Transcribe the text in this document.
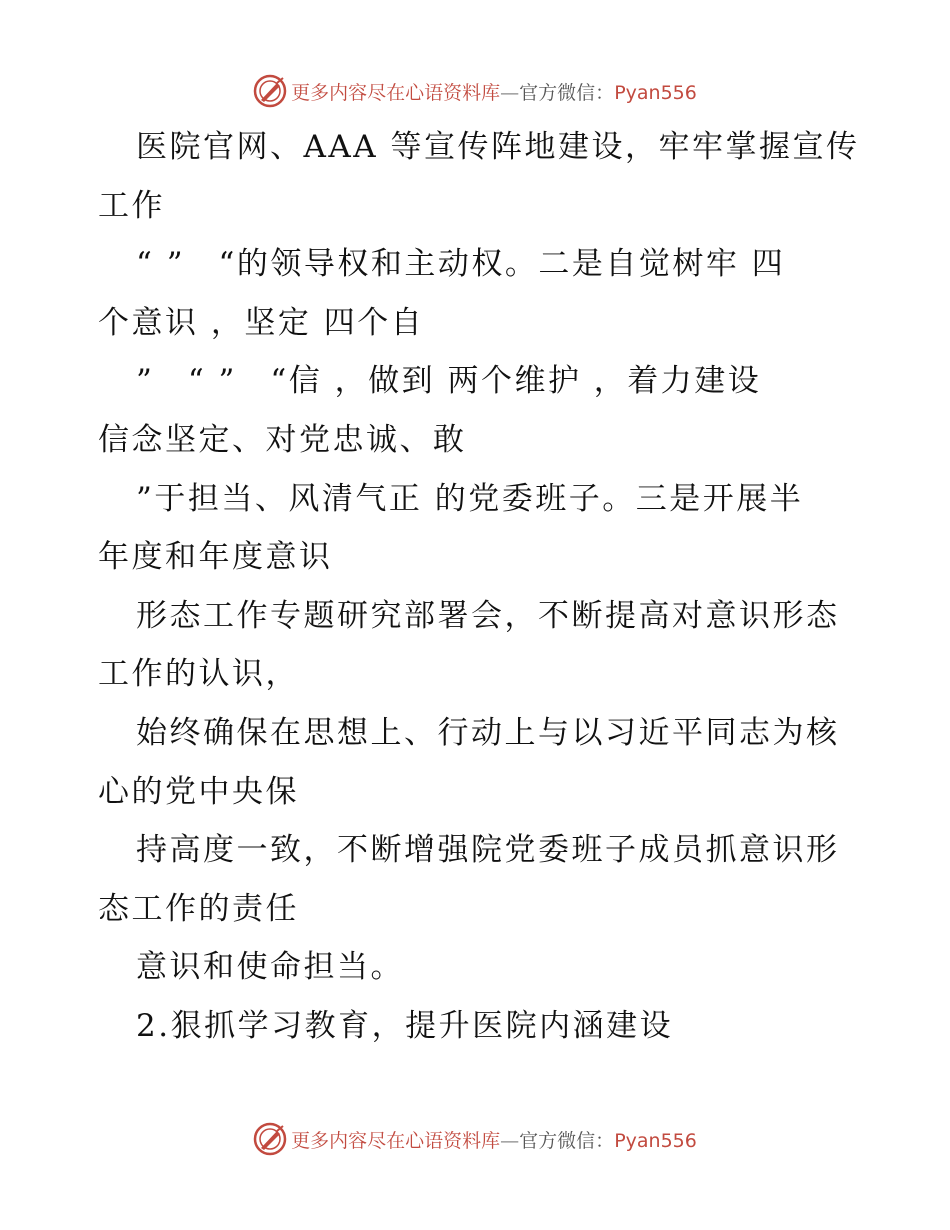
更多内容尽在心语资料库—官方微信：Pyan556
医院官网、AAA 等宣传阵地建设，牢牢掌握宣传
工作
“ ”　“的领导权和主动权。二是自觉树牢 四
个意识 ，坚定 四个自
”　“ ”　“信 ，做到 两个维护 ，着力建设
信念坚定、对党忠诚、敢
”于担当、风清气正 的党委班子。三是开展半
年度和年度意识
形态工作专题研究部署会，不断提高对意识形态
工作的认识，
始终确保在思想上、行动上与以习近平同志为核
心的党中央保
持高度一致，不断增强院党委班子成员抓意识形
态工作的责任
意识和使命担当。
2.狠抓学习教育，提升医院内涵建设
更多内容尽在心语资料库—官方微信：Pyan556
